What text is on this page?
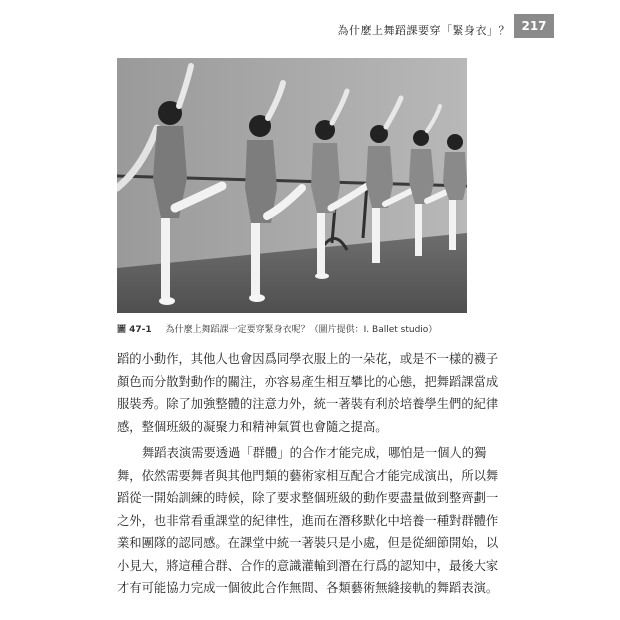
為什麼上舞蹈課要穿「緊身衣」？ 217
圖 47-1 為什麼上舞蹈課一定要穿緊身衣呢？（圖片提供：I. Ballet studio）
蹈的小動作，其他人也會因爲同學衣服上的一朵花，或是不一樣的襪子
顏色而分散對動作的關注，亦容易產生相互攀比的心態，把舞蹈課當成
服裝秀。除了加強整體的注意力外，統一著裝有利於培養學生們的紀律
感，整個班級的凝聚力和精神氣質也會隨之提高。
舞蹈表演需要透過「群體」的合作才能完成，哪怕是一個人的獨
舞，依然需要舞者與其他門類的藝術家相互配合才能完成演出，所以舞
蹈從一開始訓練的時候，除了要求整個班級的動作要盡量做到整齊劃一
之外，也非常看重課堂的紀律性，進而在潛移默化中培養一種對群體作
業和團隊的認同感。在課堂中統一著裝只是小處，但是從細節開始，以
小見大，將這種合群、合作的意識灌輸到潛在行爲的認知中，最後大家
才有可能協力完成一個彼此合作無間、各類藝術無縫接軌的舞蹈表演。
